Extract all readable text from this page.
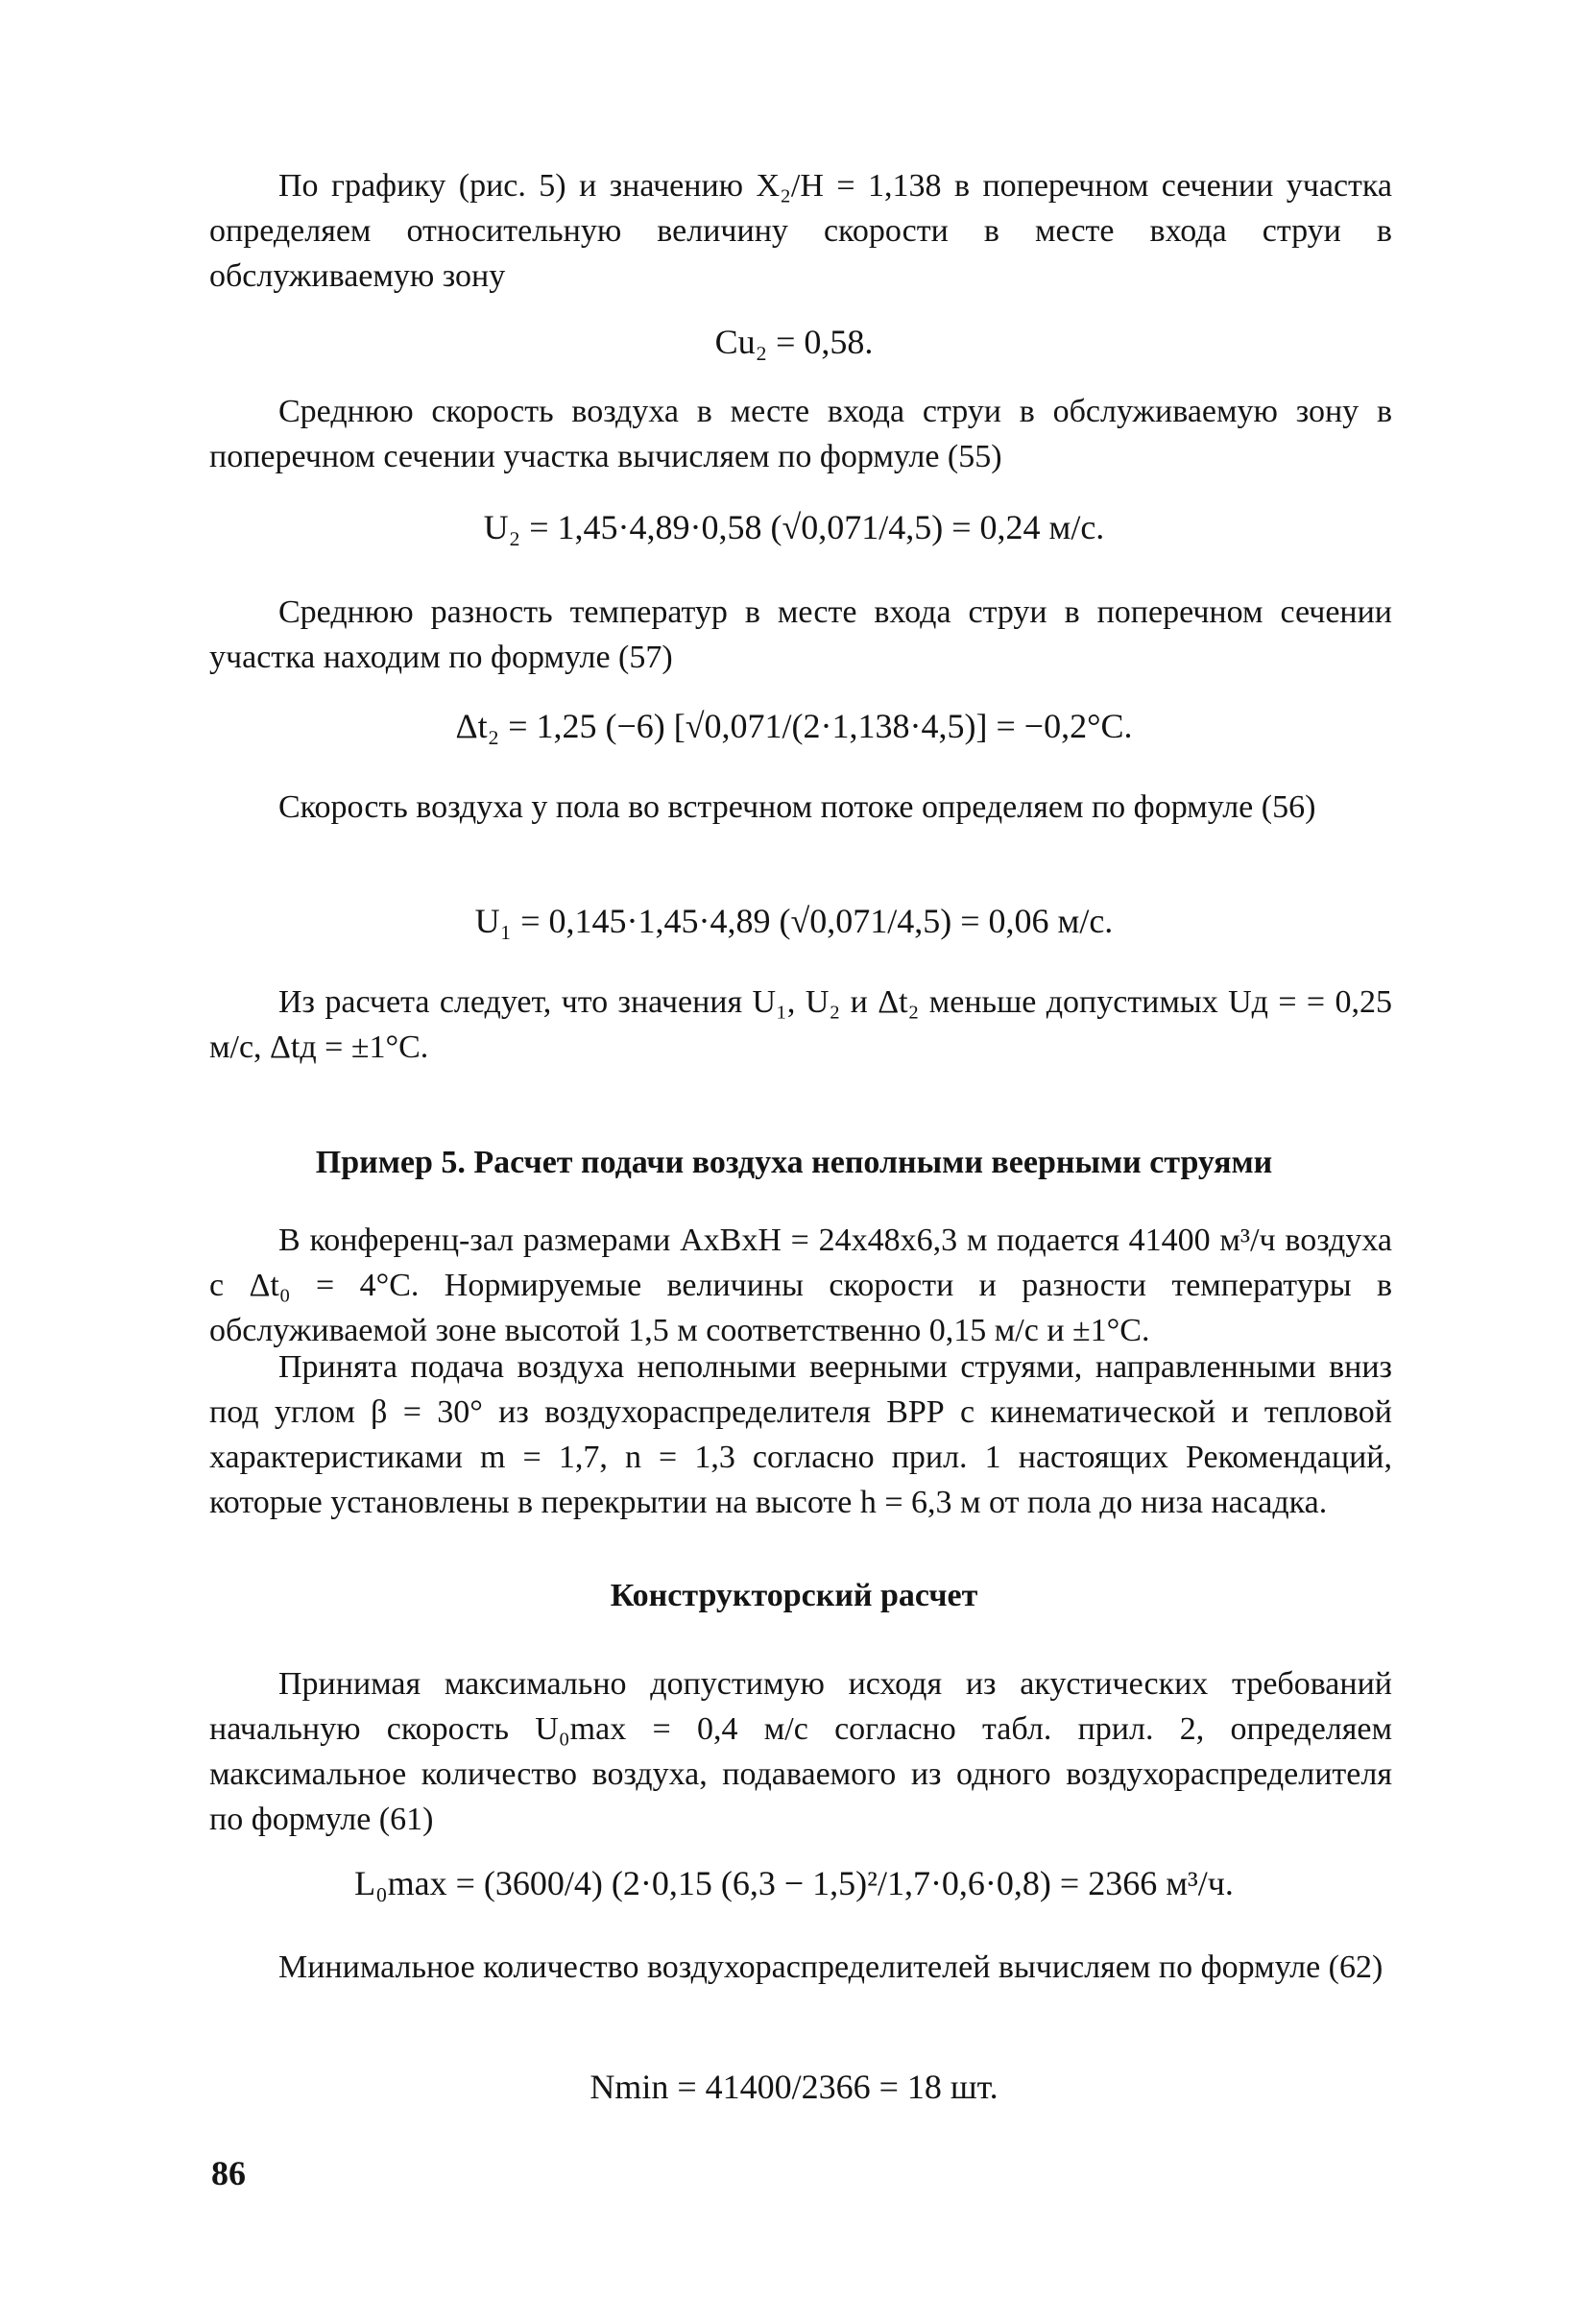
По графику (рис. 5) и значению X₂/H = 1,138 в поперечном сечении участка определяем относительную величину скорости в месте входа струи в обслуживаемую зону

Cu₂ = 0,58.

Среднюю скорость воздуха в месте входа струи в обслуживаемую зону в поперечном сечении участка вычисляем по формуле (55)

U₂ = 1,45·4,89·0,58 (√0,071/4,5) = 0,24 м/с.

Среднюю разность температур в месте входа струи в поперечном сечении участка находим по формуле (57)

Δt₂ = 1,25 (−6) [√0,071/(2·1,138·4,5)] = −0,2°С.

Скорость воздуха у пола во встречном потоке определяем по формуле (56)

U₁ = 0,145·1,45·4,89 (√0,071/4,5) = 0,06 м/с.

Из расчета следует, что значения U₁, U₂ и Δt₂ меньше допустимых Uд = = 0,25 м/с, Δtд = ±1°С.

Пример 5. Расчет подачи воздуха неполными веерными струями

В конференц-зал размерами AxBxH = 24x48x6,3 м подается 41400 м³/ч воздуха с Δt₀ = 4°С. Нормируемые величины скорости и разности температуры в обслуживаемой зоне высотой 1,5 м соответственно 0,15 м/с и ±1°С.

Принята подача воздуха неполными веерными струями, направленными вниз под углом β = 30° из воздухораспределителя ВРР с кинематической и тепловой характеристиками m = 1,7, n = 1,3 согласно прил. 1 настоящих Рекомендаций, которые установлены в перекрытии на высоте h = 6,3 м от пола до низа насадка.

Конструкторский расчет

Принимая максимально допустимую исходя из акустических требований начальную скорость U₀max = 0,4 м/с согласно табл. прил. 2, определяем максимальное количество воздуха, подаваемого из одного воздухораспределителя по формуле (61)

L₀max = (3600/4) (2·0,15 (6,3 − 1,5)²/1,7·0,6·0,8) = 2366 м³/ч.

Минимальное количество воздухораспределителей вычисляем по формуле (62)

Nmin = 41400/2366 = 18 шт.
86
